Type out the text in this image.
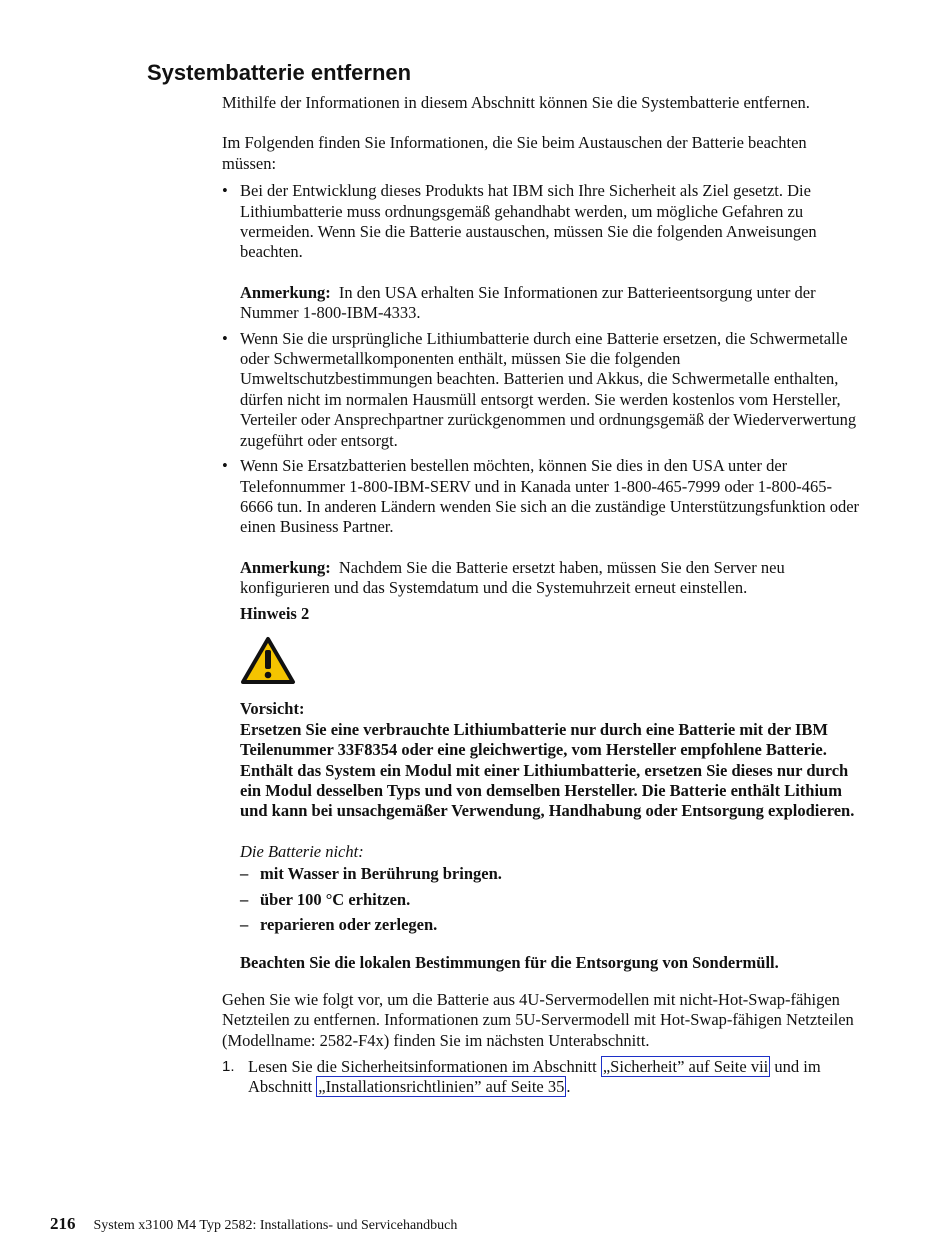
Systembatterie entfernen

Mithilfe der Informationen in diesem Abschnitt können Sie die Systembatterie entfernen.

Im Folgenden finden Sie Informationen, die Sie beim Austauschen der Batterie beachten müssen:

• Bei der Entwicklung dieses Produkts hat IBM sich Ihre Sicherheit als Ziel gesetzt. Die Lithiumbatterie muss ordnungsgemäß gehandhabt werden, um mögliche Gefahren zu vermeiden. Wenn Sie die Batterie austauschen, müssen Sie die folgenden Anweisungen beachten.

Anmerkung: In den USA erhalten Sie Informationen zur Batterieentsorgung unter der Nummer 1-800-IBM-4333.

• Wenn Sie die ursprüngliche Lithiumbatterie durch eine Batterie ersetzen, die Schwermetalle oder Schwermetallkomponenten enthält, müssen Sie die folgenden Umweltschutzbestimmungen beachten. Batterien und Akkus, die Schwermetalle enthalten, dürfen nicht im normalen Hausmüll entsorgt werden. Sie werden kostenlos vom Hersteller, Verteiler oder Ansprechpartner zurückgenommen und ordnungsgemäß der Wiederverwertung zugeführt oder entsorgt.
• Wenn Sie Ersatzbatterien bestellen möchten, können Sie dies in den USA unter der Telefonnummer 1-800-IBM-SERV und in Kanada unter 1-800-465-7999 oder 1-800-465-6666 tun. In anderen Ländern wenden Sie sich an die zuständige Unterstützungsfunktion oder einen Business Partner.

Anmerkung: Nachdem Sie die Batterie ersetzt haben, müssen Sie den Server neu konfigurieren und das Systemdatum und die Systemuhrzeit erneut einstellen.

Hinweis 2

Vorsicht:

Ersetzen Sie eine verbrauchte Lithiumbatterie nur durch eine Batterie mit der IBM Teilenummer 33F8354 oder eine gleichwertige, vom Hersteller empfohlene Batterie. Enthält das System ein Modul mit einer Lithiumbatterie, ersetzen Sie dieses nur durch ein Modul desselben Typs und von demselben Hersteller. Die Batterie enthält Lithium und kann bei unsachgemäßer Verwendung, Handhabung oder Entsorgung explodieren.

Die Batterie nicht:

– mit Wasser in Berührung bringen.
– über 100 °C erhitzen.
– reparieren oder zerlegen.

Beachten Sie die lokalen Bestimmungen für die Entsorgung von Sondermüll.

Gehen Sie wie folgt vor, um die Batterie aus 4U-Servermodellen mit nicht-Hot-Swap-fähigen Netzteilen zu entfernen. Informationen zum 5U-Servermodell mit Hot-Swap-fähigen Netzteilen (Modellname: 2582-F4x) finden Sie im nächsten Unterabschnitt.

1. Lesen Sie die Sicherheitsinformationen im Abschnitt „Sicherheit” auf Seite vii und im Abschnitt „Installationsrichtlinien” auf Seite 35 .
216 System x3100 M4 Typ 2582: Installations- und Servicehandbuch
